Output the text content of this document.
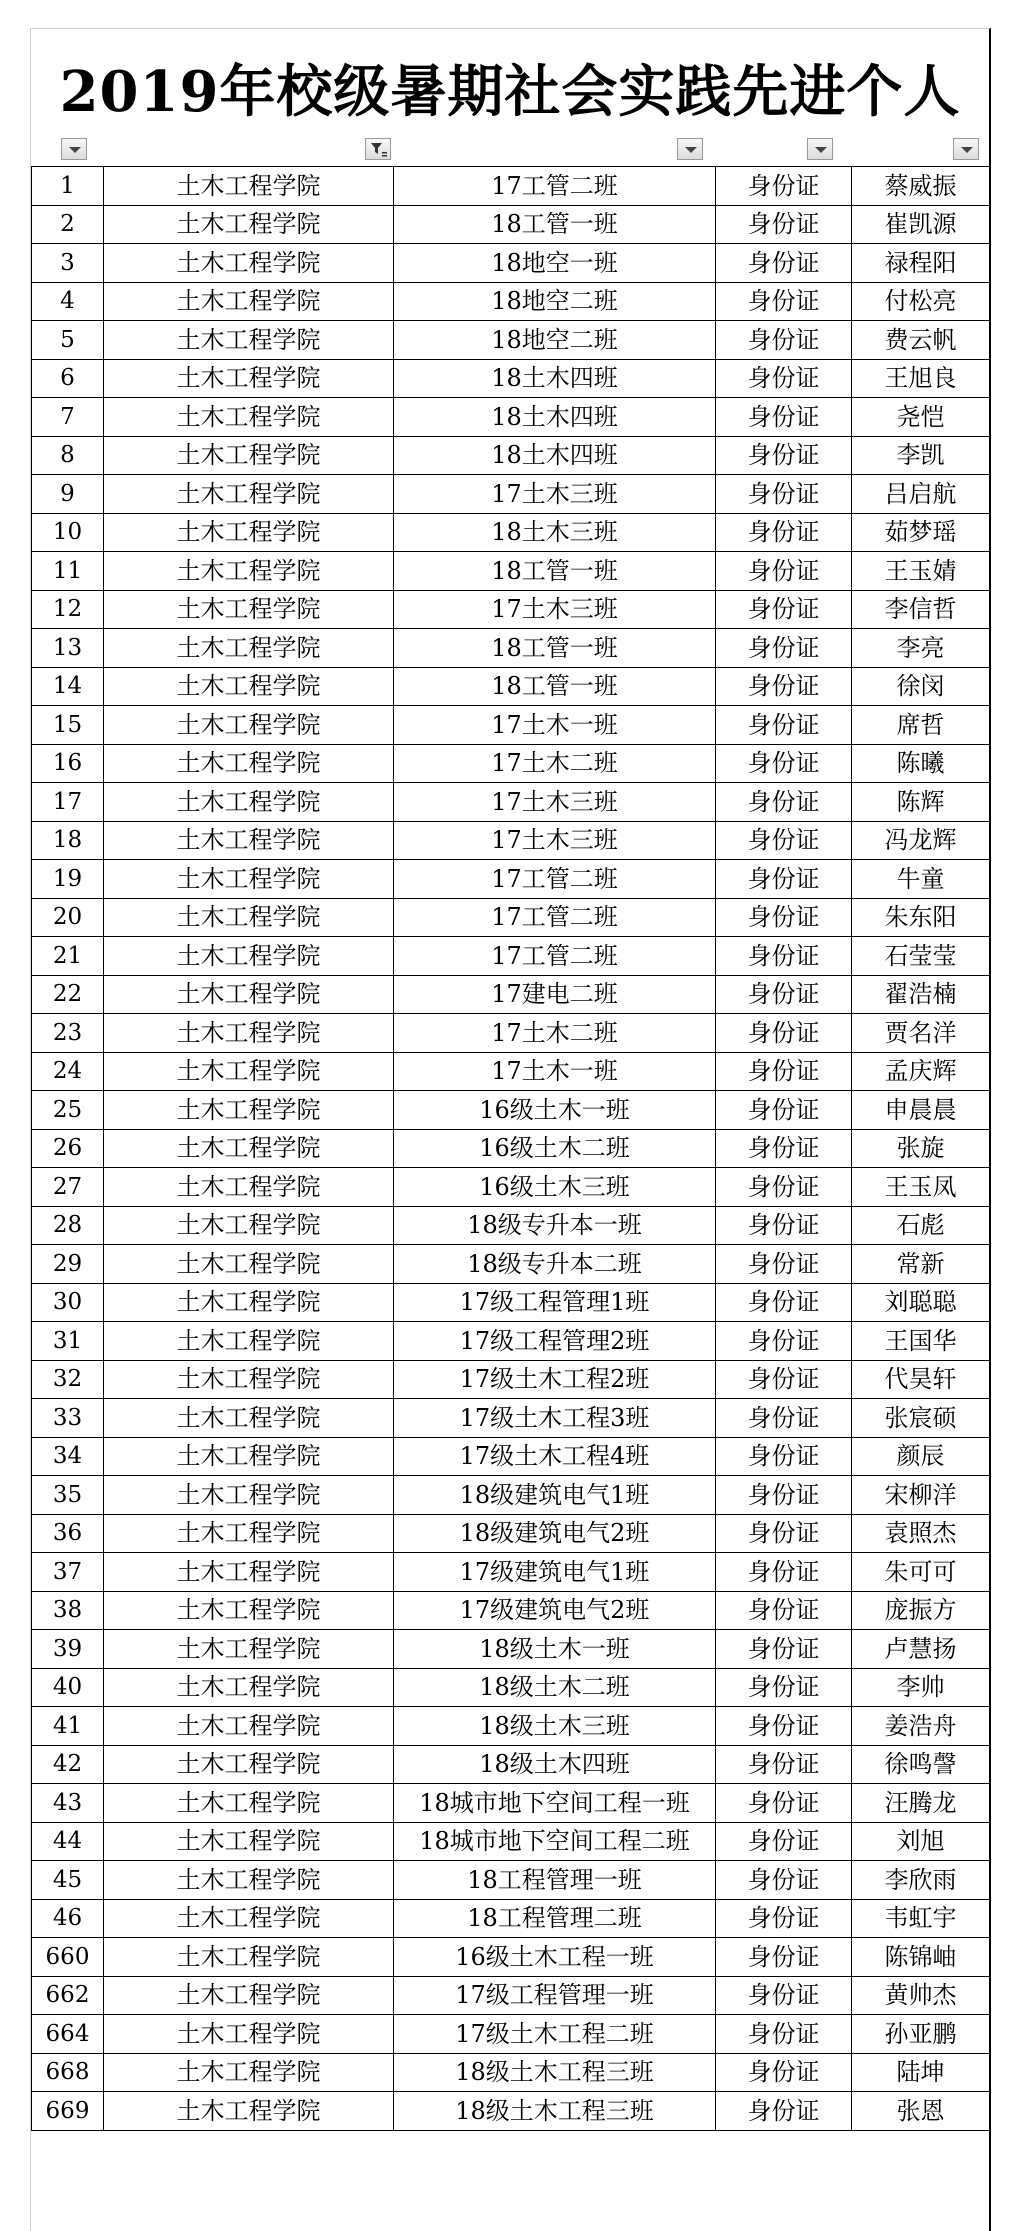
2019年校级暑期社会实践先进个人
1	土木工程学院	17工管二班	身份证	蔡威振
2	土木工程学院	18工管一班	身份证	崔凯源
3	土木工程学院	18地空一班	身份证	禄程阳
4	土木工程学院	18地空二班	身份证	付松亮
5	土木工程学院	18地空二班	身份证	费云帆
6	土木工程学院	18土木四班	身份证	王旭良
7	土木工程学院	18土木四班	身份证	尧恺
8	土木工程学院	18土木四班	身份证	李凯
9	土木工程学院	17土木三班	身份证	吕启航
10	土木工程学院	18土木三班	身份证	茹梦瑶
11	土木工程学院	18工管一班	身份证	王玉婧
12	土木工程学院	17土木三班	身份证	李信哲
13	土木工程学院	18工管一班	身份证	李亮
14	土木工程学院	18工管一班	身份证	徐闵
15	土木工程学院	17土木一班	身份证	席哲
16	土木工程学院	17土木二班	身份证	陈曦
17	土木工程学院	17土木三班	身份证	陈辉
18	土木工程学院	17土木三班	身份证	冯龙辉
19	土木工程学院	17工管二班	身份证	牛童
20	土木工程学院	17工管二班	身份证	朱东阳
21	土木工程学院	17工管二班	身份证	石莹莹
22	土木工程学院	17建电二班	身份证	翟浩楠
23	土木工程学院	17土木二班	身份证	贾名洋
24	土木工程学院	17土木一班	身份证	孟庆辉
25	土木工程学院	16级土木一班	身份证	申晨晨
26	土木工程学院	16级土木二班	身份证	张旋
27	土木工程学院	16级土木三班	身份证	王玉凤
28	土木工程学院	18级专升本一班	身份证	石彪
29	土木工程学院	18级专升本二班	身份证	常新
30	土木工程学院	17级工程管理1班	身份证	刘聪聪
31	土木工程学院	17级工程管理2班	身份证	王国华
32	土木工程学院	17级土木工程2班	身份证	代昊轩
33	土木工程学院	17级土木工程3班	身份证	张宸硕
34	土木工程学院	17级土木工程4班	身份证	颜辰
35	土木工程学院	18级建筑电气1班	身份证	宋柳洋
36	土木工程学院	18级建筑电气2班	身份证	袁照杰
37	土木工程学院	17级建筑电气1班	身份证	朱可可
38	土木工程学院	17级建筑电气2班	身份证	庞振方
39	土木工程学院	18级土木一班	身份证	卢慧扬
40	土木工程学院	18级土木二班	身份证	李帅
41	土木工程学院	18级土木三班	身份证	姜浩舟
42	土木工程学院	18级土木四班	身份证	徐鸣謦
43	土木工程学院	18城市地下空间工程一班	身份证	汪腾龙
44	土木工程学院	18城市地下空间工程二班	身份证	刘旭
45	土木工程学院	18工程管理一班	身份证	李欣雨
46	土木工程学院	18工程管理二班	身份证	韦虹宇
660	土木工程学院	16级土木工程一班	身份证	陈锦岫
662	土木工程学院	17级工程管理一班	身份证	黄帅杰
664	土木工程学院	17级土木工程二班	身份证	孙亚鹏
668	土木工程学院	18级土木工程三班	身份证	陆坤
669	土木工程学院	18级土木工程三班	身份证	张恩
